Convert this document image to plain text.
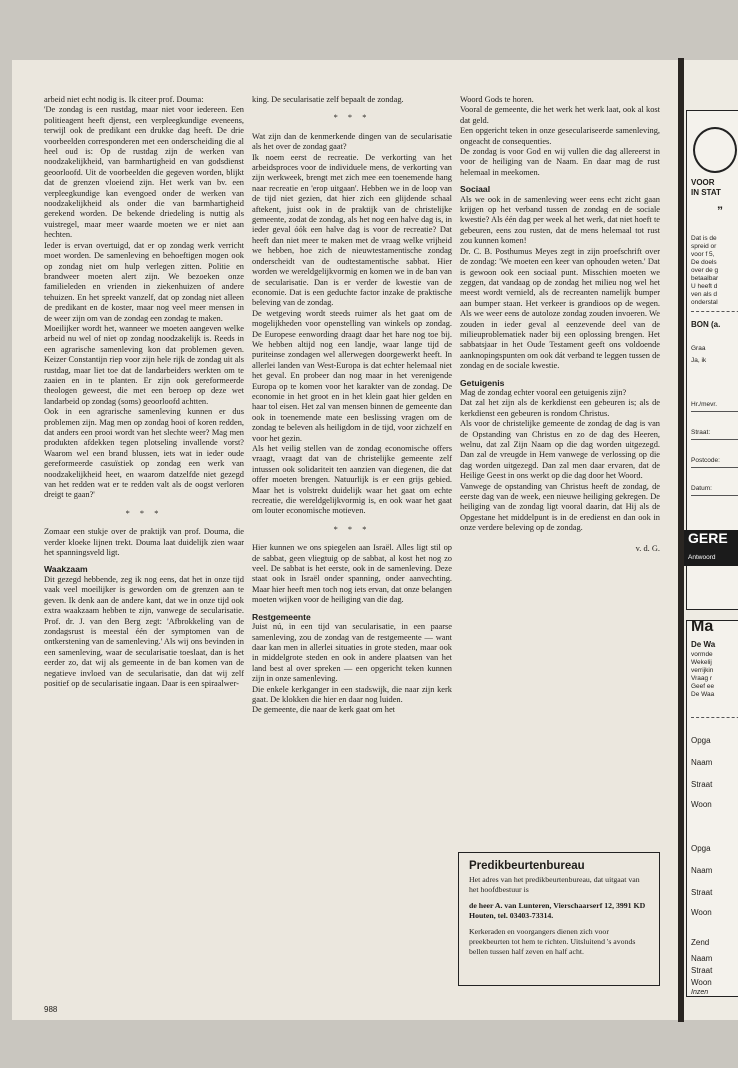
arbeid niet echt nodig is. Ik citeer prof. Douma:

'De zondag is een rustdag, maar niet voor iedereen. Een politieagent heeft djenst, een verpleegkundige eveneens, terwijl ook de predikant een drukke dag heeft. De drie voorbeelden corresponderen met een onderscheiding die al heel oud is: Op de rustdag zijn de werken van noodzakelijkheid, van barmhartigheid en van godsdienst geoorloofd. Uit de voorbeelden die gegeven worden, blijkt dat de grenzen vloeiend zijn. Het werk van bv. een verpleegkundige kan evengoed onder de werken van noodzakelijkheid als onder die van barmhartigheid gerekend worden. De bekende driedeling is nuttig als vuistregel, maar meer waarde moeten we er niet aan hechten.

Ieder is ervan overtuigd, dat er op zondag werk verricht moet worden. De samenleving en behoeftigen mogen ook op zondag niet om hulp verlegen zitten. Politie en brandweer moeten alert zijn. We bezoeken onze familieleden en vrienden in ziekenhuizen of andere tehuizen. En het spreekt vanzelf, dat op zondag niet alleen de predikant en de koster, maar nog veel meer mensen in de weer zijn om van de zondag een zondag te maken.

Moeilijker wordt het, wanneer we moeten aangeven welke arbeid nu wel of niet op zondag noodzakelijk is. Reeds in een agrarische samenleving kon dat problemen geven. Keizer Constantijn riep voor zijn hele rijk de zondag uit als rustdag, maar liet toe dat de landarbeiders werkten om te zaaien en in te planten. Er zijn ook gereformeerde theologen geweest, die met een beroep op deze wet landarbeid op zondag (soms) geoorloofd achtten.

Ook in een agrarische samenleving kunnen er dus problemen zijn. Mag men op zondag hooi of koren redden, dat anders een prooi wordt van het slechte weer? Mag men produkten afdekken tegen plotseling invallende vorst? Waarom wel een brand blussen, iets wat in ieder oude gereformeerde casuïstiek op zondag een werk van noodzakelijkheid heet, en waarom datzelfde niet gezegd van het redden wat er te redden valt als de oogst verloren dreigt te gaan?'

* * *

Zomaar een stukje over de praktijk van prof. Douma, die verder kloeke lijnen trekt. Douma laat duidelijk zien waar het spanningsveld ligt.

Waakzaam

Dit gezegd hebbende, zeg ik nog eens, dat het in onze tijd vaak veel moeilijker is geworden om de grenzen aan te geven. Ik denk aan de andere kant, dat we in onze tijd ook extra waakzaam hebben te zijn, vanwege de secularisatie. Prof. dr. J. van den Berg zegt: 'Afbrokkeling van de zondagsrust is meestal één der symptomen van de ontkerstening van de samenleving.' Als wij ons bevinden in een samenleving, waar de secularisatie toeslaat, dan is het eerder zo, dat wij als gemeente in de ban komen van de negatieve invloed van de secularisatie, dan dat wij zelf positief op de secularisatie ingaan. Daar is een spiraalwer-

king. De secularisatie zelf bepaalt de zondag.

* * *

Wat zijn dan de kenmerkende dingen van de secularisatie als het over de zondag gaat?

Ik noem eerst de recreatie. De verkorting van het arbeidsproces voor de individuele mens, de verkorting van zijn werkweek, brengt met zich mee een toenemende hang naar recreatie en 'erop uitgaan'. Hebben we in de loop van de tijd niet gezien, dat hier zich een glijdende schaal aftekent, juist ook in de praktijk van de christelijke gemeente, zodat de zondag, als het nog een halve dag is, in ieder geval óók een halve dag is voor de recreatie? Dat heeft dan niet meer te maken met de vraag welke vrijheid we hebben, hoe zich de nieuwtestamentische zondag onderscheidt van de oudtestamentische sabbat. Hier worden we wereldgelijkvormig en komen we in de ban van de secularisatie. Dan is er verder de kwestie van de economie. Dat is een geduchte factor inzake de praktische beleving van de zondag.

De wetgeving wordt steeds ruimer als het gaat om de mogelijkheden voor openstelling van winkels op zondag. De Europese eenwording draagt daar het hare nog toe bij. We hebben altijd nog een landje, waar lange tijd de puriteinse zondagen wel allerwegen doorgewerkt heeft. In allerlei landen van West-Europa is dat echter helemaal niet het geval. En probeer dan nog maar in het verenigende Europa op te komen voor het karakter van de zondag. De economie in het groot en in het klein gaat hier gelden en haar tol eisen. Het zal van mensen binnen de gemeente dan ook in toenemende mate een beslissing vragen om de zondag te beleven als heiligdom in de tijd, voor zichzelf en voor het gezin.

Als het veilig stellen van de zondag economische offers vraagt, vraagt dat van de christelijke gemeente zelf intussen ook solidariteit ten aanzien van diegenen, die dat offer moeten brengen. Natuurlijk is er een grijs gebied. Maar het is volstrekt duidelijk waar het gaat om echte recreatie, die wereldgelijkvormig is, en ook waar het gaat om louter economische motieven.

* * *

Hier kunnen we ons spiegelen aan Israël. Alles ligt stil op de sabbat, geen vliegtuig op de sabbat, al kost het nog zo veel. De sabbat is het eerste, ook in de samenleving. Deze staat ook in Israël onder spanning, onder aanvechting. Maar hier heeft men toch nog iets ervan, dat onze belangen moeten wijken voor de heiliging van die dag.

Restgemeente

Juist nú, in een tijd van secularisatie, in een paarse samenleving, zou de zondag van de restgemeente — want daar kan men in allerlei situaties in grote steden, maar ook in middelgrote steden en ook in andere plaatsen van het land best al over spreken — een opgericht teken kunnen zijn in onze samenleving.

Die enkele kerkganger in een stadswijk, die naar zijn kerk gaat. De klokken die hier en daar nog luiden.

De gemeente, die naar de kerk gaat om het

Woord Gods te horen.

Vooral de gemeente, die het werk het werk laat, ook al kost dat geld.

Een opgericht teken in onze geseculariseerde samenleving, ongeacht de consequenties.

De zondag is voor God en wij vullen die dag allereerst in voor de heiliging van de Naam. En daar mag de rust helemaal in meekomen.

Sociaal

Als we ook in de samenleving weer eens echt zicht gaan krijgen op het verband tussen de zondag en de sociale kwestie? Als één dag per week al het werk, dat niet hoeft te gebeuren, eens zou rusten, dat de mens helemaal tot rust zou kunnen komen!

Dr. C. B. Posthumus Meyes zegt in zijn proefschrift over de zondag: 'We moeten een keer van ophouden weten.' Dat is gewoon ook een sociaal punt. Misschien moeten we zeggen, dat vandaag op de zondag het milieu nog wel het meest wordt vernield, als de recreanten namelijk bumper aan bumper staan. Het verkeer is grandioos op de wegen. Als we weer eens de autoloze zondag zouden invoeren. We zouden in ieder geval al eenzevende deel van de milieuproblematiek nader bij een oplossing brengen. Het sabbatsjaar in het Oude Testament geeft ons voldoende aanknopingspunten om ook dát verband te leggen tussen de zondag en de sociale kwestie.

Getuigenis

Mag de zondag echter vooral een getuigenis zijn?

Dat zal het zijn als de kerkdienst een gebeuren is; als de kerkdienst een gebeuren is rondom Christus.

Als voor de christelijke gemeente de zondag de dag is van de Opstanding van Christus en zo de dag des Heeren, welnu, dat zal Zijn Naam op die dag worden uitgezegd. Dan zal de vreugde in Hem vanwege de verlossing op die dag worden uitgezegd. Dan zal men daar ervaren, dat de Heilige Geest in ons werkt op die dag door het Woord.

Vanwege de opstanding van Christus heeft de zondag, de eerste dag van de week, een nieuwe heiliging gekregen. De heiliging van de zondag ligt vooral daarin, dat Hij als de Opgestane het middelpunt is in de eredienst en dan ook in onze verdere beleving op de zondag.

v. d. G.

Predikbeurtenbureau

Het adres van het predikbeurtenbureau, dat uitgaat van het hoofdbestuur is

de heer A. van Lunteren, Vierschaarserf 12, 3991 KD Houten, tel. 03403-73314.

Kerkeraden en voorgangers dienen zich voor preekbeurten tot hem te richten. Uitsluitend 's avonds bellen tussen half zeven en half acht.

988
VOOR
IN STAT
”
Dat is de
spreid or
voor f 5,
De doels
over de g
betaalbar
U heeft d
ven als d
onderstal
BON (a.
Graa
Ja, ik
Hr./mevr.
Straat:
Postcode:
Datum:
GERE
Antwoord
Ma
De Wa
vormde
Wekelij
verrijkin
Vraag r
Geef ee
De Waa
Opga
Naam
Straat
Woon
Opga
Naam
Straat
Woon
Zend
Naam
Straat
Woon
Inzen
